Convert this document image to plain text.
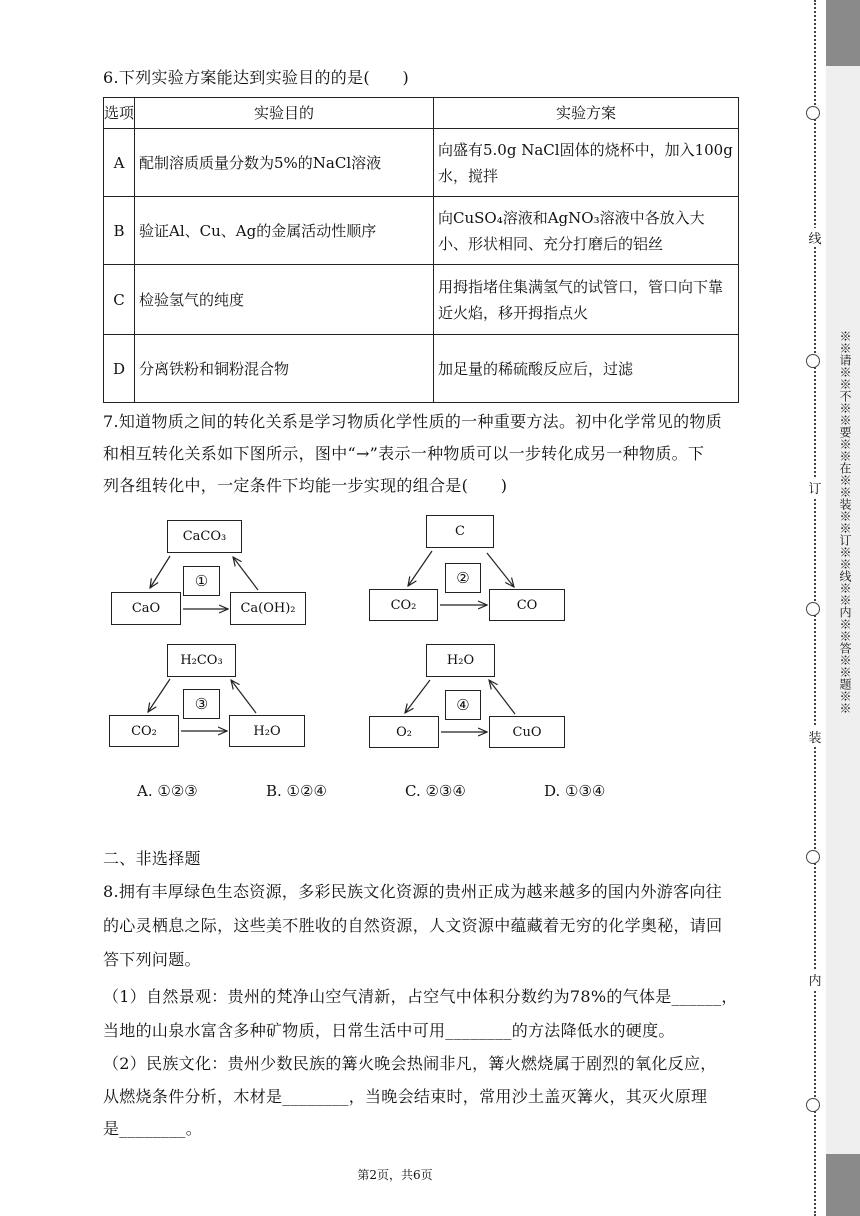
6.下列实验方案能达到实验目的的是(　　)
选项	实验目的	实验方案
A	配制溶质质量分数为5%的NaCl溶液	向盛有5.0g NaCl固体的烧杯中，加入100g水，搅拌
B	验证Al、Cu、Ag的金属活动性顺序	向CuSO₄溶液和AgNO₃溶液中各放入大小、形状相同、充分打磨后的铝丝
C	检验氢气的纯度	用拇指堵住集满氢气的试管口，管口向下靠近火焰，移开拇指点火
D	分离铁粉和铜粉混合物	加足量的稀硫酸反应后，过滤
7.知道物质之间的转化关系是学习物质化学性质的一种重要方法。初中化学常见的物质
和相互转化关系如下图所示，图中“→”表示一种物质可以一步转化成另一种物质。下
列各组转化中，一定条件下均能一步实现的组合是(　　)
CaCO₃
①
CaO	Ca(OH)₂
C
②
CO₂	CO
H₂CO₃
③
CO₂	H₂O
H₂O
④
O₂	CuO
A. ①②③	B. ①②④	C. ②③④	D. ①③④
二、非选择题
8.拥有丰厚绿色生态资源，多彩民族文化资源的贵州正成为越来越多的国内外游客向往
的心灵栖息之际，这些美不胜收的自然资源，人文资源中蕴藏着无穷的化学奥秘，请回
答下列问题。
（1）自然景观：贵州的梵净山空气清新，占空气中体积分数约为78%的气体是______，
当地的山泉水富含多种矿物质，日常生活中可用________的方法降低水的硬度。
（2）民族文化：贵州少数民族的篝火晚会热闹非凡，篝火燃烧属于剧烈的氧化反应，
从燃烧条件分析，木材是________，当晚会结束时，常用沙土盖灭篝火，其灭火原理
是________。
第2页，共6页
线
订
装
内
※※请※※不※※要※※在※※装※※订※※线※※内※※答※※题※※
